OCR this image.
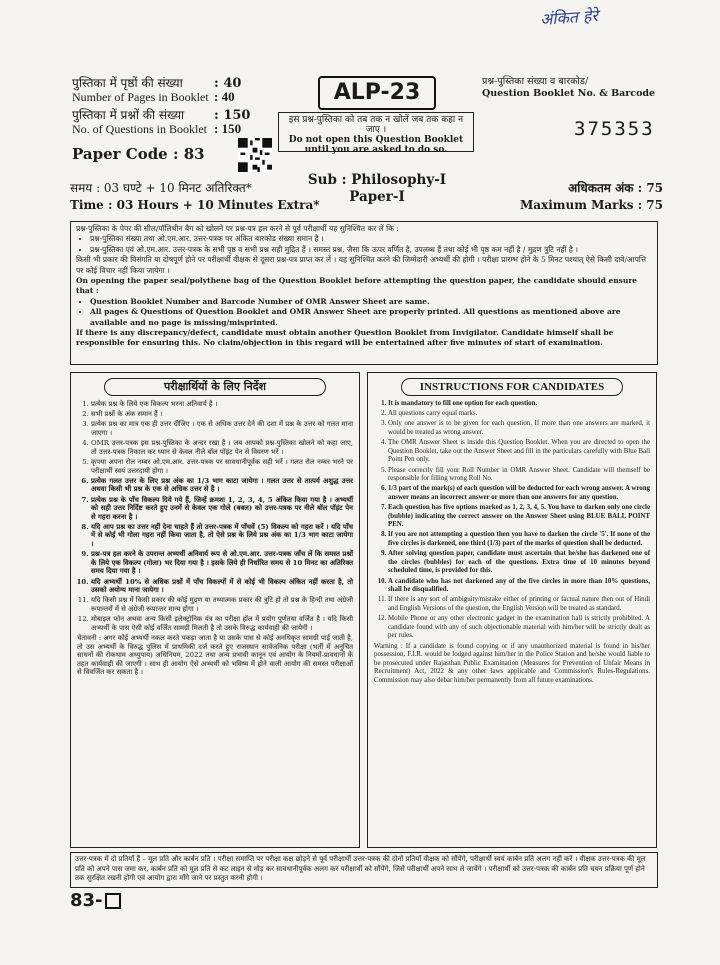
अंकित हेरे
पुस्तिका में पृष्ठों की संख्या : 40
Number of Pages in Booklet : 40
पुस्तिका में प्रश्नों की संख्या : 150
No. of Questions in Booklet : 150
Paper Code : 83
ALP-23
इस प्रश्न-पुस्तिका को तब तक न खोलें जब तक कहा न जाए ।
Do not open this Question Booklet until you are asked to do so.
प्रश्न-पुस्तिका संख्या व बारकोड/
Question Booklet No. & Barcode
375353
समय : 03 घण्टे + 10 मिनट अतिरिक्त*
Time : 03 Hours + 10 Minutes Extra*
Sub : Philosophy-I
Paper-I
अधिकतम अंक : 75
Maximum Marks : 75

प्रश्न-पुस्तिका के पेपर की सील/पॉलिथीन बैग को खोलने पर प्रश्न-पत्र हल करने से पूर्व परीक्षार्थी यह सुनिश्चित कर लें कि :

• प्रश्न-पुस्तिका संख्या तथा ओ.एम.आर. उत्तर-पत्रक पर अंकित बारकोड संख्या समान है ।
• प्रश्न-पुस्तिका एवं ओ.एम.आर. उत्तर-पत्रक के सभी पृष्ठ व सभी प्रश्न सही मुद्रित हैं । समस्त प्रश्न, जैसा कि ऊपर वर्णित है, उपलब्ध हैं तथा कोई भी पृष्ठ कम नहीं है / मुद्रण त्रुटि नहीं है ।

किसी भी प्रकार की विसंगति या दोषपूर्ण होने पर परीक्षार्थी वीक्षक से दूसरा प्रश्न-पत्र प्राप्त कर लें । यह सुनिश्चित करने की जिम्मेदारी अभ्यर्थी की होगी । परीक्षा प्रारम्भ होने के 5 मिनट पश्चात् ऐसे किसी दावे/आपत्ति पर कोई विचार नहीं किया जायेगा ।

On opening the paper seal/polythene bag of the Question Booklet before attempting the question paper, the candidate should ensure that :

• Question Booklet Number and Barcode Number of OMR Answer Sheet are same.
• All pages & Questions of Question Booklet and OMR Answer Sheet are properly printed. All questions as mentioned above are available and no page is missing/misprinted.

If there is any discrepancy/defect, candidate must obtain another Question Booklet from Invigilator. Candidate himself shall be responsible for ensuring this. No claim/objection in this regard will be entertained after five minutes of start of examination.

परीक्षार्थियों के लिए निर्देश
1. प्रत्येक प्रश्न के लिये एक विकल्प भरना अनिवार्य है ।
2. सभी प्रश्नों के अंक समान हैं ।
3. प्रत्येक प्रश्न का मात्र एक ही उत्तर दीजिए । एक से अधिक उत्तर देने की दशा में प्रश्न के उत्तर को गलत माना जाएगा ।
4. OMR उत्तर-पत्रक इस प्रश्न-पुस्तिका के अन्दर रखा है । जब आपको प्रश्न-पुस्तिका खोलने को कहा जाए, तो उत्तर-पत्रक निकाल कर ध्यान से केवल नीले बॉल पॉइंट पेन से विवरण भरें ।
5. कृपया अपना रोल नम्बर ओ.एम.आर. उत्तर-पत्रक पर सावधानीपूर्वक सही भरें । गलत रोल नम्बर भरने पर परीक्षार्थी स्वयं उत्तरदायी होगा ।
6. प्रत्येक गलत उत्तर के लिए प्रश्न अंक का 1/3 भाग काटा जायेगा । गलत उत्तर से तात्पर्य अशुद्ध उत्तर अथवा किसी भी प्रश्न के एक से अधिक उत्तर से है ।
7. प्रत्येक प्रश्न के पाँच विकल्प दिये गये हैं, जिन्हें क्रमशः 1, 2, 3, 4, 5 अंकित किया गया है । अभ्यर्थी को सही उत्तर निर्दिष्ट करते हुए उनमें से केवल एक गोले (बबल) को उत्तर-पत्रक पर नीले बॉल पॉइंट पेन से गहरा करना है ।
8. यदि आप प्रश्न का उत्तर नहीं देना चाहते हैं तो उत्तर-पत्रक में पाँचवें (5) विकल्प को गहरा करें । यदि पाँच में से कोई भी गोला गहरा नहीं किया जाता है, तो ऐसे प्रश्न के लिये प्रश्न अंक का 1/3 भाग काटा जायेगा ।
9. प्रश्न-पत्र हल करने के उपरान्त अभ्यर्थी अनिवार्य रूप से ओ.एम.आर. उत्तर-पत्रक जाँच लें कि समस्त प्रश्नों के लिये एक विकल्प (गोला) भर दिया गया है । इसके लिये ही निर्धारित समय से 10 मिनट का अतिरिक्त समय दिया गया है ।
10. यदि अभ्यर्थी 10% से अधिक प्रश्नों में पाँच विकल्पों में से कोई भी विकल्प अंकित नहीं करता है, तो उसको अयोग्य माना जायेगा ।
11. यदि किसी प्रश्न में किसी प्रकार की कोई मुद्रण या तथ्यात्मक प्रकार की त्रुटि हो तो प्रश्न के हिन्दी तथा अंग्रेजी रूपान्तरों में से अंग्रेजी रूपान्तर मान्य होगा ।
12. मोबाइल फोन अथवा अन्य किसी इलेक्ट्रोनिक यंत्र का परीक्षा हॉल में प्रयोग पूर्णतया वर्जित है । यदि किसी अभ्यर्थी के पास ऐसी कोई वर्जित सामग्री मिलती है तो उसके विरुद्ध कार्यवाही की जायेगी ।

चेतावनी : अगर कोई अभ्यर्थी नकल करते पकड़ा जाता है या उसके पास से कोई अनधिकृत सामग्री पाई जाती है, तो उस अभ्यर्थी के विरुद्ध पुलिस में प्राथमिकी दर्ज करते हुए राजस्थान सार्वजनिक परीक्षा (भर्ती में अनुचित साधनों की रोकथाम अध्युपाय) अधिनियम, 2022 तथा अन्य प्रभावी कानून एवं आयोग के नियमों-प्रावधानों के तहत कार्यवाही की जाएगी । साथ ही आयोग ऐसे अभ्यर्थी को भविष्य में होने वाली आयोग की समस्त परीक्षाओं से विवर्जित कर सकता है ।

INSTRUCTIONS FOR CANDIDATES
1. It is mandatory to fill one option for each question.
2. All questions carry equal marks.
3. Only one answer is to be given for each question. If more than one answers are marked, it would be treated as wrong answer.
4. The OMR Answer Sheet is inside this Question Booklet. When you are directed to open the Question Booklet, take out the Answer Sheet and fill in the particulars carefully with Blue Ball Point Pen only.
5. Please correctly fill your Roll Number in OMR Answer Sheet. Candidate will themself be responsible for filling wrong Roll No.
6. 1/3 part of the mark(s) of each question will be deducted for each wrong answer. A wrong answer means an incorrect answer or more than one answers for any question.
7. Each question has five options marked as 1, 2, 3, 4, 5. You have to darken only one circle (bubble) indicating the correct answer on the Answer Sheet using BLUE BALL POINT PEN.
8. If you are not attempting a question then you have to darken the circle '5'. If none of the five circles is darkened, one third (1/3) part of the marks of question shall be deducted.
9. After solving question paper, candidate must ascertain that he/she has darkened one of the circles (bubbles) for each of the questions. Extra time of 10 minutes beyond scheduled time, is provided for this.
10. A candidate who has not darkened any of the five circles in more than 10% questions, shall be disqualified.
11. If there is any sort of ambiguity/mistake either of printing or factual nature then out of Hindi and English Versions of the question, the English Version will be treated as standard.
12. Mobile Phone or any other electronic gadget in the examination hall is strictly prohibited. A candidate found with any of such objectionable material with him/her will be strictly dealt as per rules.

Warning : If a candidate is found copying or if any unauthorized material is found in his/her possession, F.I.R. would be lodged against him/her in the Police Station and he/she would liable to be prosecuted under Rajasthan Public Examination (Measures for Prevention of Unfair Means in Recruitment) Act, 2022 & any other laws applicable and Commission's Rules-Regulations. Commission may also debar him/her permanently from all future examinations.

83-
उत्तर-पत्रक में दो प्रतियाँ हैं – मूल प्रति और कार्बन प्रति । परीक्षा समाप्ति पर परीक्षा कक्ष छोड़ने से पूर्व परीक्षार्थी उत्तर-पत्रक की दोनों प्रतियाँ वीक्षक को सौंपेंगे, परीक्षार्थी स्वयं कार्बन प्रति अलग नहीं करें । वीक्षक उत्तर-पत्रक की मूल प्रति को अपने पास जमा कर, कार्बन प्रति को मूल प्रति से कट लाइन से मोड़ कर सावधानीपूर्वक अलग कर परीक्षार्थी को सौंपेंगे, जिसे परीक्षार्थी अपने साथ ले जायेंगे । परीक्षार्थी को उत्तर-पत्रक की कार्बन प्रति चयन प्रक्रिया पूर्ण होने तक सुरक्षित रखनी होगी एवं आयोग द्वारा माँगे जाने पर प्रस्तुत करनी होगी ।
